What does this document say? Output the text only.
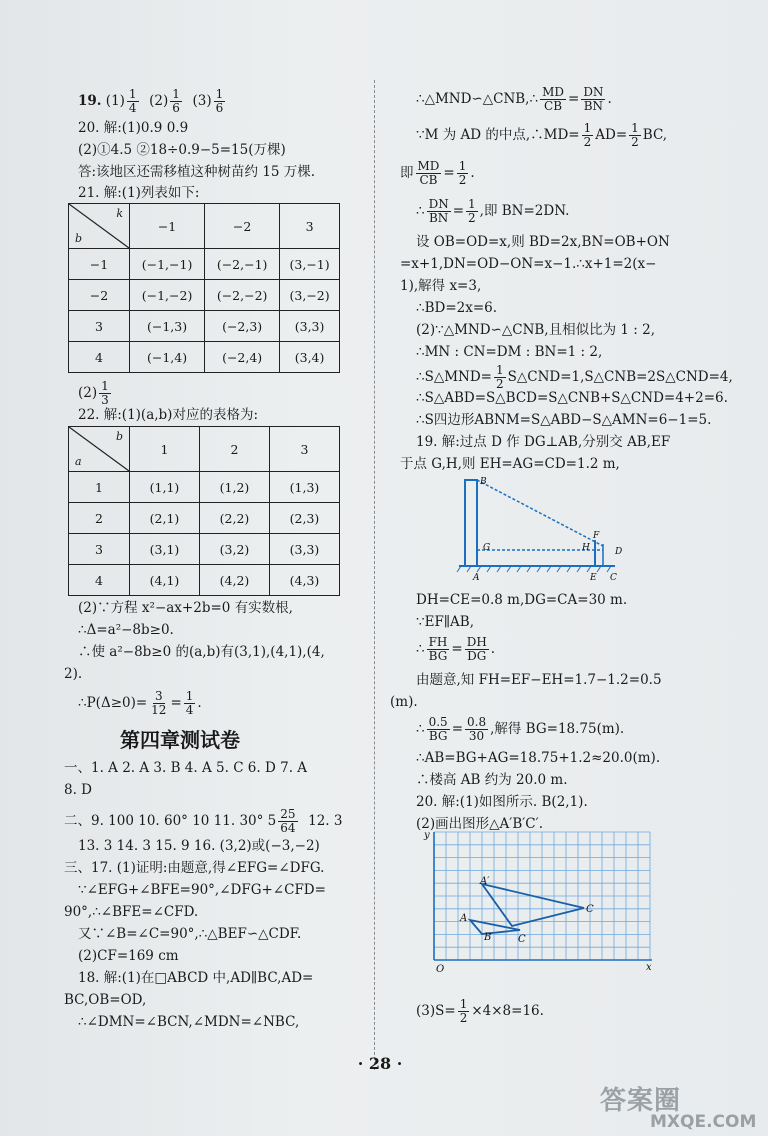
19. $(1) \frac{1}{4} (2) \frac{1}{6} (3) \frac{1}{6}$
20. 解:(1)0.9 0.9
(2)①4.5 ②18÷0.9−5=15(万棵)
答:该地区还需移植这种树苗约 15 万棵.
21. 解:(1)列表如下:
k
b	−1	−2	3
−1	(−1,−1)	(−2,−1)	(3,−1)
−2	(−1,−2)	(−2,−2)	(3,−2)
3	(−1,3)	(−2,3)	(3,3)
4	(−1,4)	(−2,4)	(3,4)
$(2) \frac{1}{3}$
22. 解:(1)(a,b)对应的表格为:
b
a	1	2	3
1	(1,1)	(1,2)	(1,3)
2	(2,1)	(2,2)	(2,3)
3	(3,1)	(3,2)	(3,3)
4	(4,1)	(4,2)	(4,3)
(2)∵方程 x²−ax+2b=0 有实数根,
∴Δ=a²−8b≥0.
∴使 a²−8b≥0 的(a,b)有(3,1),(4,1),(4,
2).
∴P(Δ≥0)= $\frac{3}{12} = \frac{1}{4}$ .
第四章测试卷
一、1. A 2. A 3. B 4. A 5. C 6. D 7. A
8. D
二、9. 100 10. 60° 10 11. 30° $5 \frac{25}{64} 12$. 3
13. 3 14. 3 15. 9 16. (3,2)或(−3,−2)
三、17. (1)证明:由题意,得∠EFG=∠DFG.
∵∠EFG+∠BFE=90°,∠DFG+∠CFD=
90°,∴∠BFE=∠CFD.
又∵∠B=∠C=90°,∴△BEF∽△CDF.
(2)CF=169 cm
18. 解:(1)在□ABCD 中,AD∥BC,AD=
BC,OB=OD,
∴∠DMN=∠BCN,∠MDN=∠NBC,
∴△MND∽△CNB,∴ $\frac{MD}{CB} = \frac{DN}{BN}$ .
∵M 为 AD 的中点,∴MD= $\frac{1}{2} AD= \frac{1}{2}$ BC,
即 $\frac{MD}{CB} = \frac{1}{2}$ .
∴ $\frac{DN}{BN} = \frac{1}{2}$ ,即 BN=2DN.
设 OB=OD=x,则 BD=2x,BN=OB+ON
=x+1,DN=OD−ON=x−1.∴x+1=2(x−
1),解得 x=3,
∴BD=2x=6.
(2)∵△MND∽△CNB,且相似比为 1 : 2,
∴MN : CN=DM : BN=1 : 2,
∴S△MND= $\frac{1}{2}$ S△CND=1,S△CNB=2S△CND=4,
∴S△ABD=S△BCD=S△CNB+S△CND=4+2=6.
∴S四边形ABNM=S△ABD−S△AMN=6−1=5.
19. 解:过点 D 作 DG⊥AB,分别交 AB,EF
于点 G,H,则 EH=AG=CD=1.2 m,
B
G
A
H
F
D
E C
DH=CE=0.8 m,DG=CA=30 m.
∵EF∥AB,
∴ $\frac{FH}{BG} = \frac{DH}{DG}$ .
由题意,知 FH=EF−EH=1.7−1.2=0.5
(m).
∴ $\frac{0.5}{BG} = \frac{0.8}{30}$ ,解得 BG=18.75(m).
∴AB=BG+AG=18.75+1.2≈20.0(m).
∴楼高 AB 约为 20.0 m.
20. 解:(1)如图所示. B(2,1).
(2)画出图形△A′B′C′.
y
x
O
A′
C
A
B	C
$(3)S= \frac{1}{2} \times 4\times 8=16$.
· 28 ·
答案圈
MXQE.COM
